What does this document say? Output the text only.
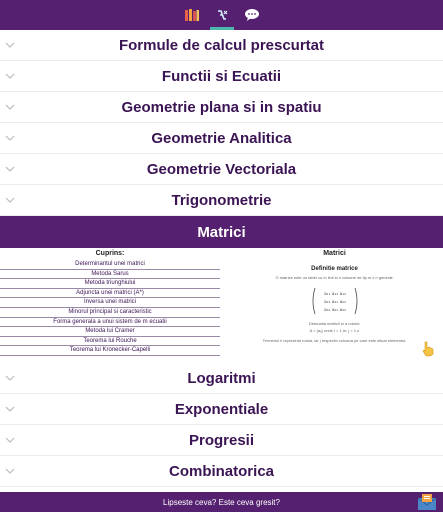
Formule de calcul prescurtat
Functii si Ecuatii
Geometrie plana si in spatiu
Geometrie Analitica
Geometrie Vectoriala
Trigonometrie
Matrici
Cuprins:
Determinantul unei matrici
Metoda Sarus
Metoda triunghiului
Adjuncta unei matrici (A*)
Inversa unei matrici
Minorul principal si caracteristic
Forma generala a unui sistem de m ecuatii
Metoda lui Cramer
Teorema lui Rouche
Teorema lui Kronecker-Capelli
Matrici
Definitie matrice
O matrice este un tabel cu m linii si n coloane de tip m x n generat:
a₁₁ a₁₂ a₁₃
a₂₁ a₂₂ a₂₃
a₃₁ a₃₂ a₃₃
Detonatia matricii si a rotului:
A = (aᵢⱼ) unde i = 1,m; j = 1,n
Termenul il reprezinta rotula, iar j respectiv coloana pe care este situat elementul.
Logaritmi
Exponentiale
Progresii
Combinatorica
Lipseste ceva? Este ceva gresit?
